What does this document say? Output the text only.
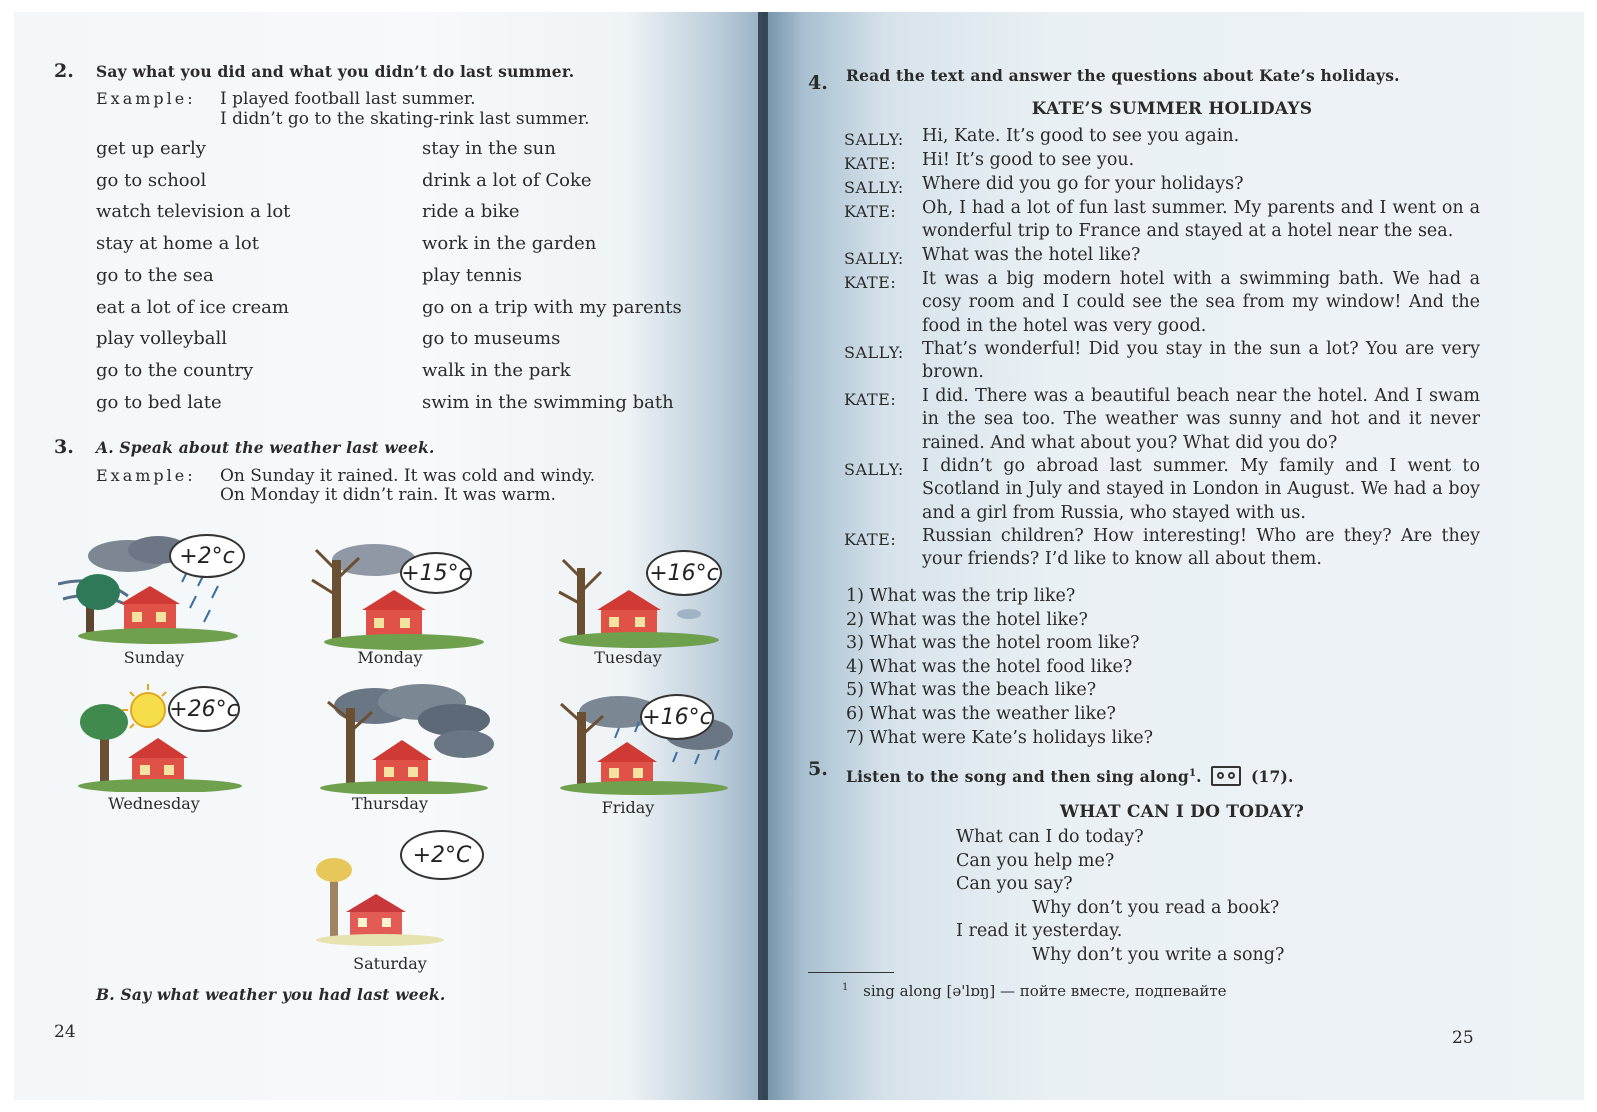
2. Say what you did and what you didn’t do last summer.
Example: I played football last summer.
I didn’t go to the skating-rink last summer.
get up early
go to school
watch television a lot
stay at home a lot
go to the sea
eat a lot of ice cream
play volleyball
go to the country
go to bed late
stay in the sun
drink a lot of Coke
ride a bike
work in the garden
play tennis
go on a trip with my parents
go to museums
walk in the park
swim in the swimming bath
3. A. Speak about the weather last week.
Example: On Sunday it rained. It was cold and windy.
On Monday it didn’t rain. It was warm.
+2°c
Sunday
+15°c
Monday
+16°c
Tuesday
+26°c
Wednesday	Thursday
+16°c
Friday
+2°C
Saturday
B. Say what weather you had last week.
24
4. Read the text and answer the questions about Kate’s holidays.
KATE’S SUMMER HOLIDAYS
SALLY: Hi, Kate. It’s good to see you again.
KATE: Hi! It’s good to see you.
SALLY: Where did you go for your holidays?
KATE: Oh, I had a lot of fun last summer. My parents and I went on a wonderful trip to France and stayed at a hotel near the sea.
SALLY: What was the hotel like?
KATE: It was a big modern hotel with a swimming bath. We had a cosy room and I could see the sea from my window! And the food in the hotel was very good.
SALLY: That’s wonderful! Did you stay in the sun a lot? You are very brown.
KATE: I did. There was a beautiful beach near the hotel. And I swam in the sea too. The weather was sunny and hot and it never rained. And what about you? What did you do?
SALLY: I didn’t go abroad last summer. My family and I went to Scotland in July and stayed in London in August. We had a boy and a girl from Russia, who stayed with us.
KATE: Russian children? How interesting! Who are they? Are they your friends? I’d like to know all about them.
1) What was the trip like?
2) What was the hotel like?
3) What was the hotel room like?
4) What was the hotel food like?
5) What was the beach like?
6) What was the weather like?
7) What were Kate’s holidays like?
5. Listen to the song and then sing along$^1$.	(17).
WHAT CAN I DO TODAY?
What can I do today?
Can you help me?
Can you say?
Why don’t you read a book?
I read it yesterday.
Why don’t you write a song?
$^1$ sing along [ə'lɒŋ] — пойте вместе, подпевайте
25
